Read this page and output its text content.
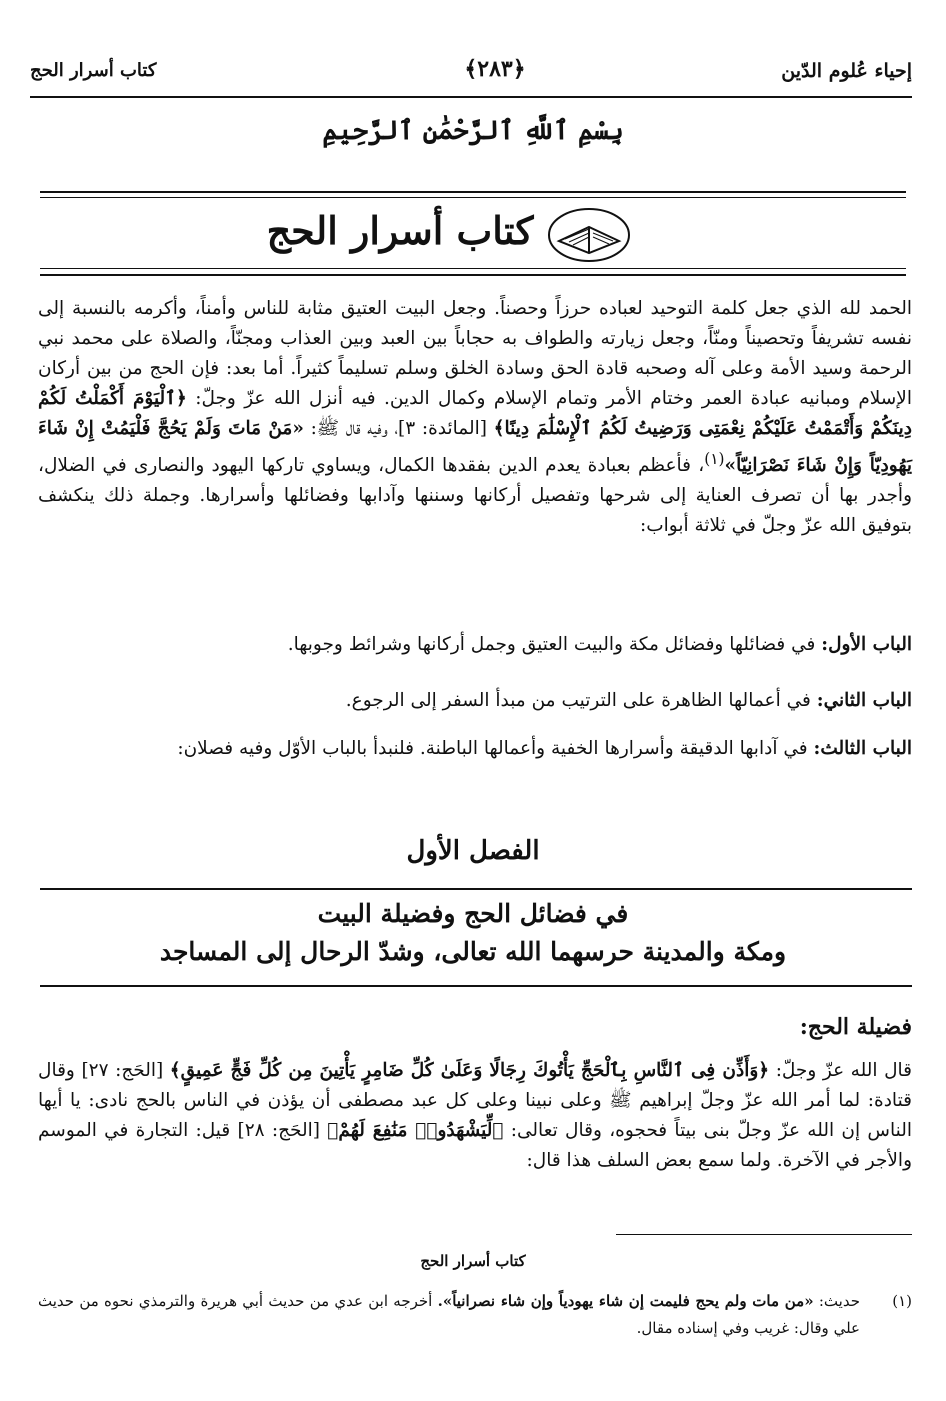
إحياء عُلوم الدّين
﴿٢٨٣﴾
كتاب أسرار الحج
بِسْمِ ٱللَّهِ ٱلرَّحْمَٰنِ ٱلرَّحِيمِ
كتاب أسرار الحج
الحمد لله الذي جعل كلمة التوحيد لعباده حرزاً وحصناً. وجعل البيت العتيق مثابة للناس وأمناً، وأكرمه بالنسبة إلى نفسه تشريفاً وتحصيناً ومنّاً، وجعل زيارته والطواف به حجاباً بين العبد وبين العذاب ومجنّاً، والصلاة على محمد نبي الرحمة وسيد الأمة وعلى آله وصحبه قادة الحق وسادة الخلق وسلم تسليماً كثيراً. أما بعد: فإن الحج من بين أركان الإسلام ومبانيه عبادة العمر وختام الأمر وتمام الإسلام وكمال الدين. فيه أنزل الله عزّ وجلّ: ﴿ٱلْيَوْمَ أَكْمَلْتُ لَكُمْ دِينَكُمْ وَأَتْمَمْتُ عَلَيْكُمْ نِعْمَتِى وَرَضِيتُ لَكُمُ ٱلْإِسْلَٰمَ دِينًا﴾ [المائدة: ٣]، وفيه قال ﷺ: «مَنْ مَاتَ وَلَمْ يَحُجَّ فَلْيَمُتْ إِنْ شَاءَ يَهُودِيّاً وَإِنْ شَاءَ نَصْرَانِيّاً»$^{(١)}$، فأعظم بعبادة يعدم الدين بفقدها الكمال، ويساوي تاركها اليهود والنصارى في الضلال، وأجدر بها أن تصرف العناية إلى شرحها وتفصيل أركانها وسننها وآدابها وفضائلها وأسرارها. وجملة ذلك ينكشف بتوفيق الله عزّ وجلّ في ثلاثة أبواب:
الباب الأول: في فضائلها وفضائل مكة والبيت العتيق وجمل أركانها وشرائط وجوبها.
الباب الثاني: في أعمالها الظاهرة على الترتيب من مبدأ السفر إلى الرجوع.
الباب الثالث: في آدابها الدقيقة وأسرارها الخفية وأعمالها الباطنة. فلنبدأ بالباب الأوّل وفيه فصلان:
الفصل الأول
في فضائل الحج وفضيلة البيت
ومكة والمدينة حرسهما الله تعالى، وشدّ الرحال إلى المساجد
فضيلة الحج:
قال الله عزّ وجلّ: ﴿وَأَذِّن فِى ٱلنَّاسِ بِٱلْحَجِّ يَأْتُوكَ رِجَالًا وَعَلَىٰ كُلِّ ضَامِرٍ يَأْتِينَ مِن كُلِّ فَجٍّ عَمِيقٍ﴾ [الحَج: ٢٧] وقال قتادة: لما أمر الله عزّ وجلّ إبراهيم ﷺ وعلى نبينا وعلى كل عبد مصطفى أن يؤذن في الناس بالحج نادى: يا أيها الناس إن الله عزّ وجلّ بنى بيتاً فحجوه، وقال تعالى: ﴿لِّيَشْهَدُوا۟ مَنَٰفِعَ لَهُمْ﴾ [الحَج: ٢٨] قيل: التجارة في الموسم والأجر في الآخرة. ولما سمع بعض السلف هذا قال:
كتاب أسرار الحج
(١)
حديث: «من مات ولم يحج فليمت إن شاء يهودياً وإن شاء نصرانياً». أخرجه ابن عدي من حديث أبي هريرة والترمذي نحوه من حديث علي وقال: غريب وفي إسناده مقال.
